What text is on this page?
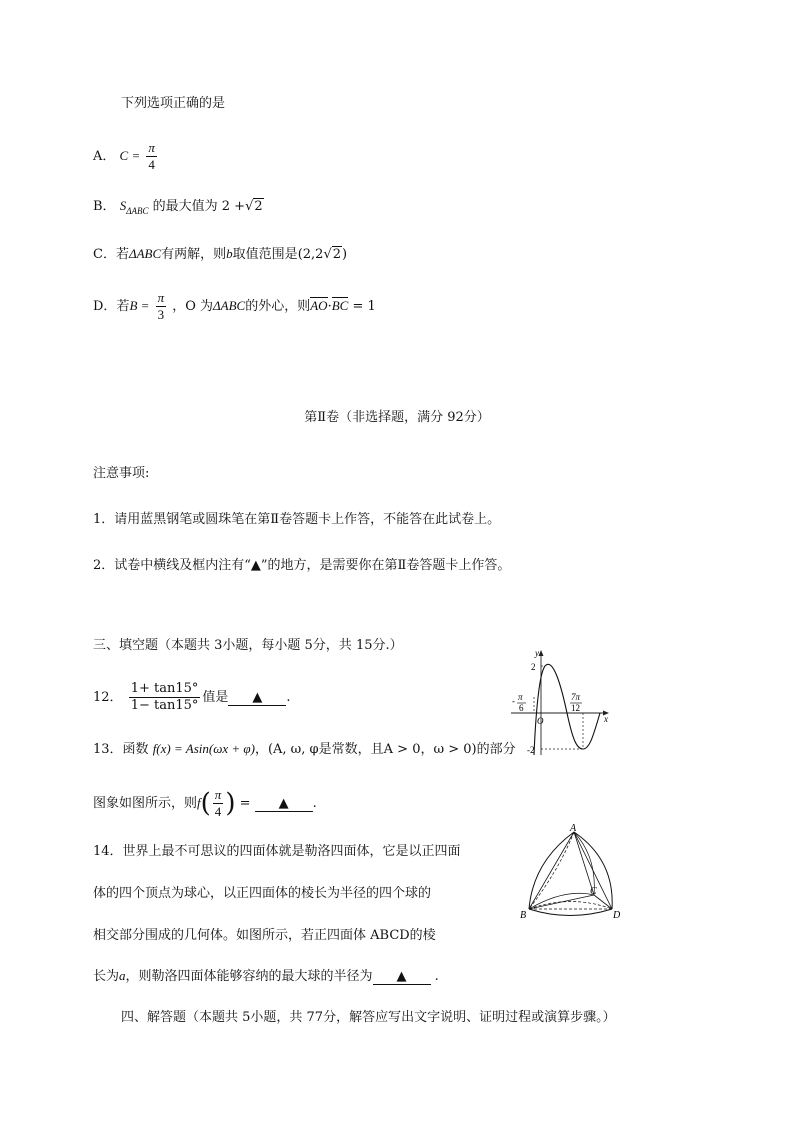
下列选项正确的是
A． $C = \frac{\pi}{4}$
B． $S_{\Delta ABC}$ 的最大值为 2 +√2
C．若ΔABC有两解，则b取值范围是(2,2√2)
D．若$B = \frac{\pi}{3}$ ，O 为ΔABC的外心，则AO·BC = 1
第Ⅱ卷（非选择题，满分 92分）
注意事项:
1．请用蓝黑钢笔或圆珠笔在第Ⅱ卷答题卡上作答，不能答在此试卷上。
2．试卷中横线及框内注有“▲”的地方，是需要你在第Ⅱ卷答题卡上作答。
三、填空题（本题共 3小题，每小题 5分，共 15分.）
12． $\frac{1+ \tan 15^\circ}{1- \tan 15^\circ}$ 值是 ▲ .
13．函数 f(x) = Asin(ωx + φ)，(A, ω, φ是常数，且A > 0，ω > 0)的部分
图象如图所示，则$f( \frac{\pi}{4}$ ) = ▲ .
14．世界上最不可思议的四面体就是勒洛四面体，它是以正四面
体的四个顶点为球心，以正四面体的棱长为半径的四个球的
相交部分围成的几何体。如图所示，若正四面体 ABCD的棱
长为a，则勒洛四面体能够容纳的最大球的半径为 ▲ .
四、解答题（本题共 5小题，共 77分，解答应写出文字说明、证明过程或演算步骤。）
y
x
O
2
-2
- π
6
7π
12
A
B
C
D
